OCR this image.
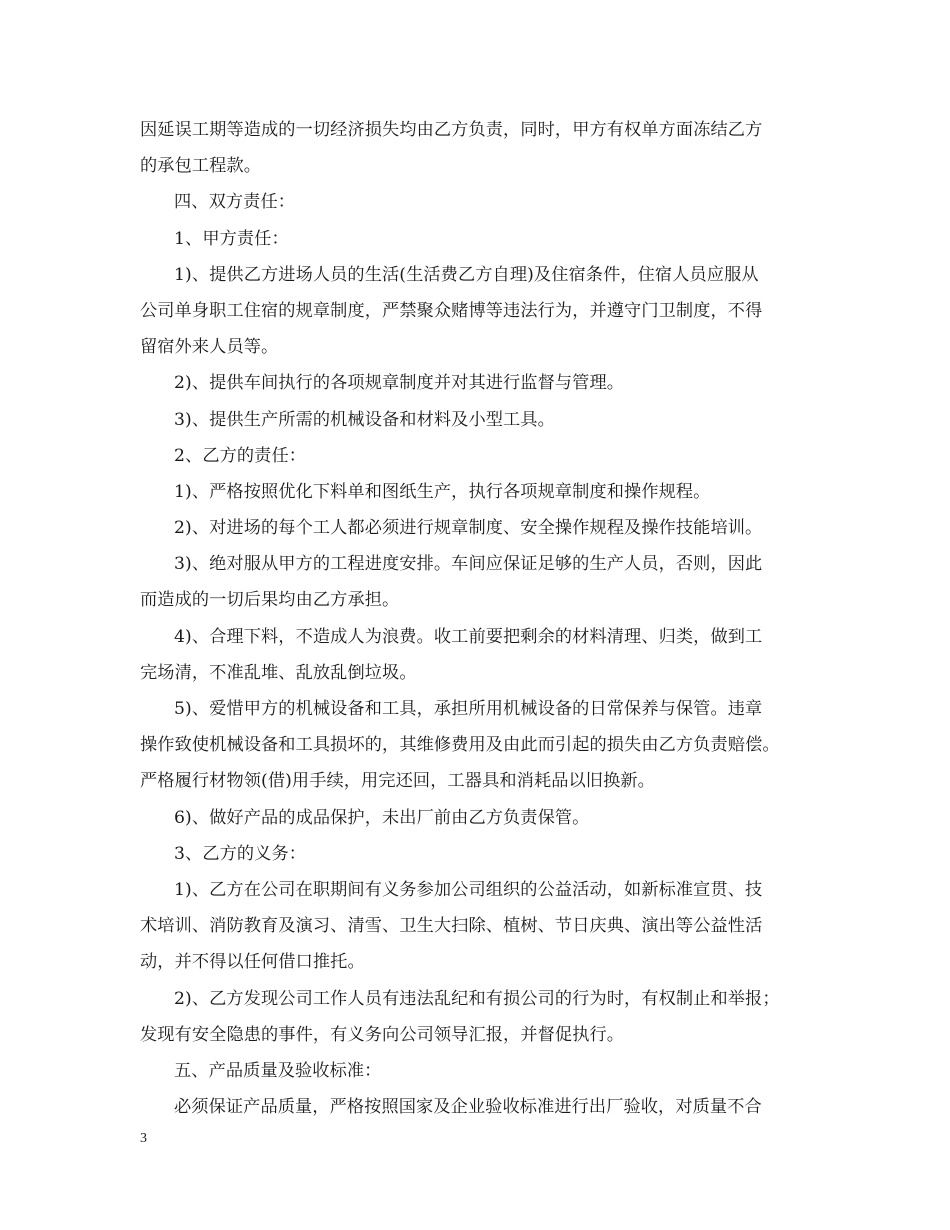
因延误工期等造成的一切经济损失均由乙方负责，同时，甲方有权单方面冻结乙方
的承包工程款。
四、双方责任：
1、甲方责任：
1)、提供乙方进场人员的生活(生活费乙方自理)及住宿条件，住宿人员应服从
公司单身职工住宿的规章制度，严禁聚众赌博等违法行为，并遵守门卫制度，不得
留宿外来人员等。
2)、提供车间执行的各项规章制度并对其进行监督与管理。
3)、提供生产所需的机械设备和材料及小型工具。
2、乙方的责任：
1)、严格按照优化下料单和图纸生产，执行各项规章制度和操作规程。
2)、对进场的每个工人都必须进行规章制度、安全操作规程及操作技能培训。
3)、绝对服从甲方的工程进度安排。车间应保证足够的生产人员，否则，因此
而造成的一切后果均由乙方承担。
4)、合理下料，不造成人为浪费。收工前要把剩余的材料清理、归类，做到工
完场清，不准乱堆、乱放乱倒垃圾。
5)、爱惜甲方的机械设备和工具，承担所用机械设备的日常保养与保管。违章
操作致使机械设备和工具损坏的，其维修费用及由此而引起的损失由乙方负责赔偿。
严格履行材物领(借)用手续，用完还回，工器具和消耗品以旧换新。
6)、做好产品的成品保护，未出厂前由乙方负责保管。
3、乙方的义务：
1)、乙方在公司在职期间有义务参加公司组织的公益活动，如新标准宣贯、技
术培训、消防教育及演习、清雪、卫生大扫除、植树、节日庆典、演出等公益性活
动，并不得以任何借口推托。
2)、乙方发现公司工作人员有违法乱纪和有损公司的行为时，有权制止和举报；
发现有安全隐患的事件，有义务向公司领导汇报，并督促执行。
五、产品质量及验收标准：
必须保证产品质量，严格按照国家及企业验收标准进行出厂验收，对质量不合
3
